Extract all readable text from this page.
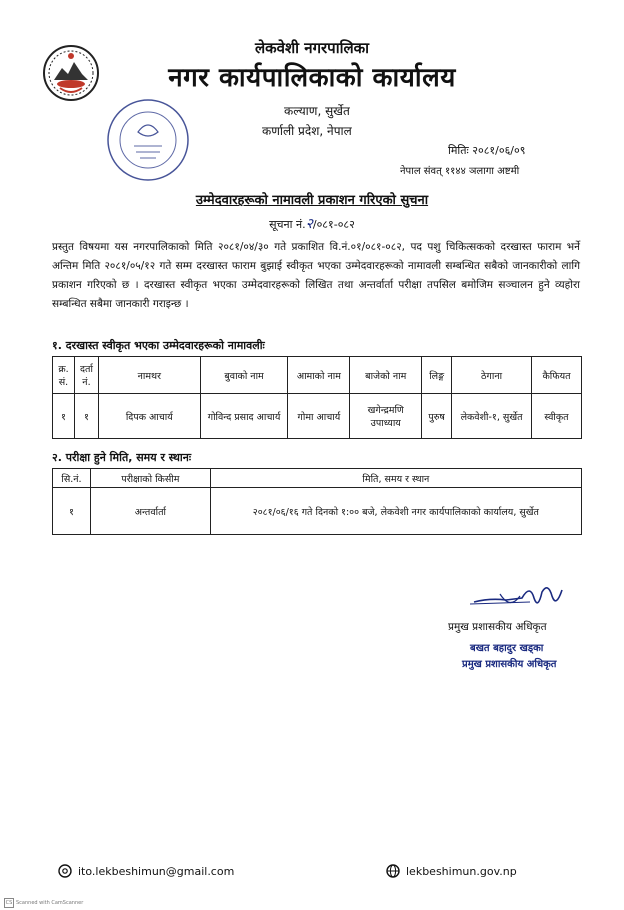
लेकवेशी नगरपालिका
नगर कार्यपालिकाको कार्यालय
कल्याण, सुर्खेत
कर्णाली प्रदेश, नेपाल
मितिः २०८१/०६/०९
नेपाल संवत् ११४४ ञलागा अष्टमी
उम्मेदवारहरूको नामावली प्रकाशन गरिएको सुचना
सूचना नं.२/०८१-०८२
प्रस्तुत विषयमा यस नगरपालिकाको मिति २०८१/०४/३० गते प्रकाशित वि.नं.०१/०८१-०८२, पद पशु चिकित्सकको दरखास्त फाराम भर्ने अन्तिम मिति २०८१/०५/१२ गते सम्म दरखास्त फाराम बुझाई स्वीकृत भएका उम्मेदवारहरूको नामावली सम्बन्धित सबैको जानकारीको लागि प्रकाशन गरिएको छ । दरखास्त स्वीकृत भएका उम्मेदवारहरूको लिखित तथा अन्तर्वार्ता परीक्षा तपसिल बमोजिम सञ्चालन हुने व्यहोरा सम्बन्धित सबैमा जानकारी गराइन्छ ।
१. दरखास्त स्वीकृत भएका उम्मेदवारहरूको नामावलीः
क्र. सं.	दर्ता नं.	नामथर	बुवाको नाम	आमाको नाम	बाजेको नाम	लिङ्ग	ठेगाना	कैफियत
१	१	दिपक आचार्य	गोविन्द प्रसाद आचार्य	गोमा आचार्य	खगेन्द्रमणि उपाध्याय	पुरुष	लेकवेशी-१, सुर्खेत	स्वीकृत
२. परीक्षा हुने मिति, समय र स्थानः
सि.नं.	परीक्षाको किसीम	मिति, समय र स्थान
१	अन्तर्वार्ता	२०८१/०६/१६ गते दिनको १:०० बजे, लेकवेशी नगर कार्यपालिकाको कार्यालय, सुर्खेत
प्रमुख प्रशासकीय अधिकृत
बखत बहादुर खड्का
प्रमुख प्रशासकीय अधिकृत
ito.lekbeshimun@gmail.com	lekbeshimun.gov.np
CS Scanned with CamScanner
